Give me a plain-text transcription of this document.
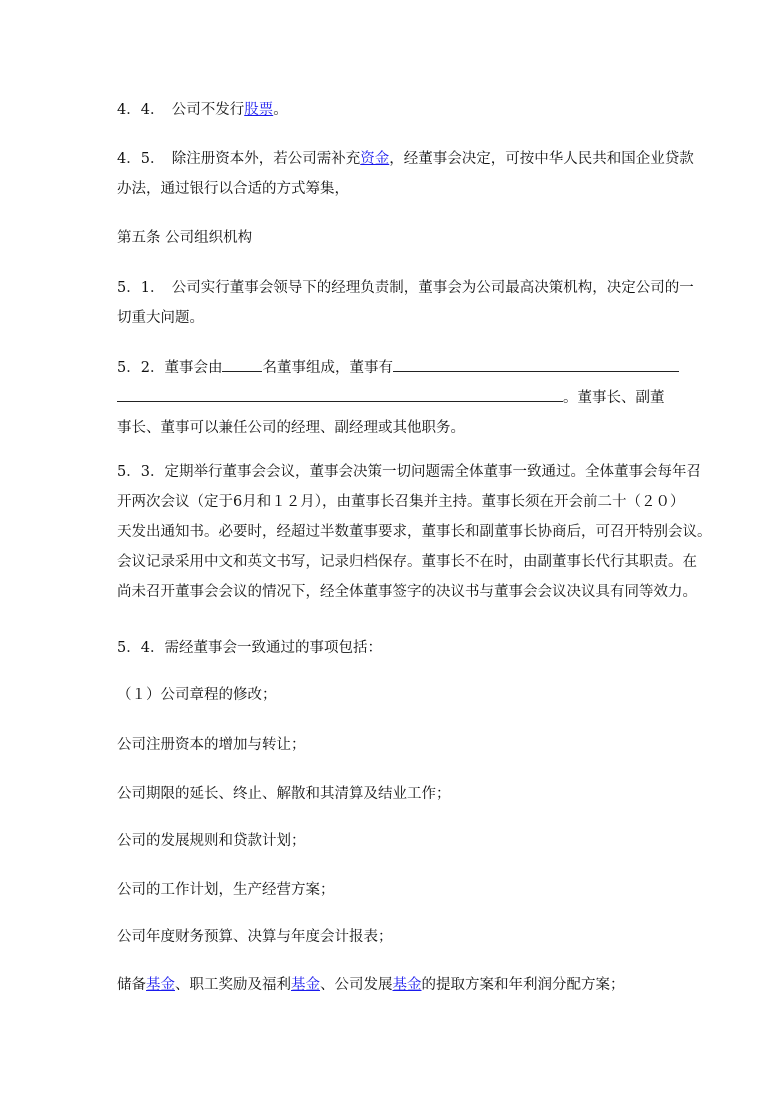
4．4．　公司不发行股票。

4．5．　除注册资本外，若公司需补充资金，经董事会决定，可按中华人民共和国企业贷款
办法，通过银行以合适的方式筹集，

第五条 公司组织机构

5．1．　公司实行董事会领导下的经理负责制，董事会为公司最高决策机构，决定公司的一
切重大问题。

5．2．董事会由	名董事组成，董事有
。董事长、副董
事长、董事可以兼任公司的经理、副经理或其他职务。

5．3．定期举行董事会会议，董事会决策一切问题需全体董事一致通过。全体董事会每年召
开两次会议（定于6月和１２月），由董事长召集并主持。董事长须在开会前二十（２０）
天发出通知书。必要时，经超过半数董事要求，董事长和副董事长协商后，可召开特别会议。
会议记录采用中文和英文书写，记录归档保存。董事长不在时，由副董事长代行其职责。在
尚未召开董事会会议的情况下，经全体董事签字的决议书与董事会会议决议具有同等效力。

5．4．需经董事会一致通过的事项包括：

（１）公司章程的修改；

公司注册资本的增加与转让；

公司期限的延长、终止、解散和其清算及结业工作；

公司的发展规则和贷款计划；

公司的工作计划，生产经营方案；

公司年度财务预算、决算与年度会计报表；

储备基金、职工奖励及福利基金、公司发展基金的提取方案和年利润分配方案；
